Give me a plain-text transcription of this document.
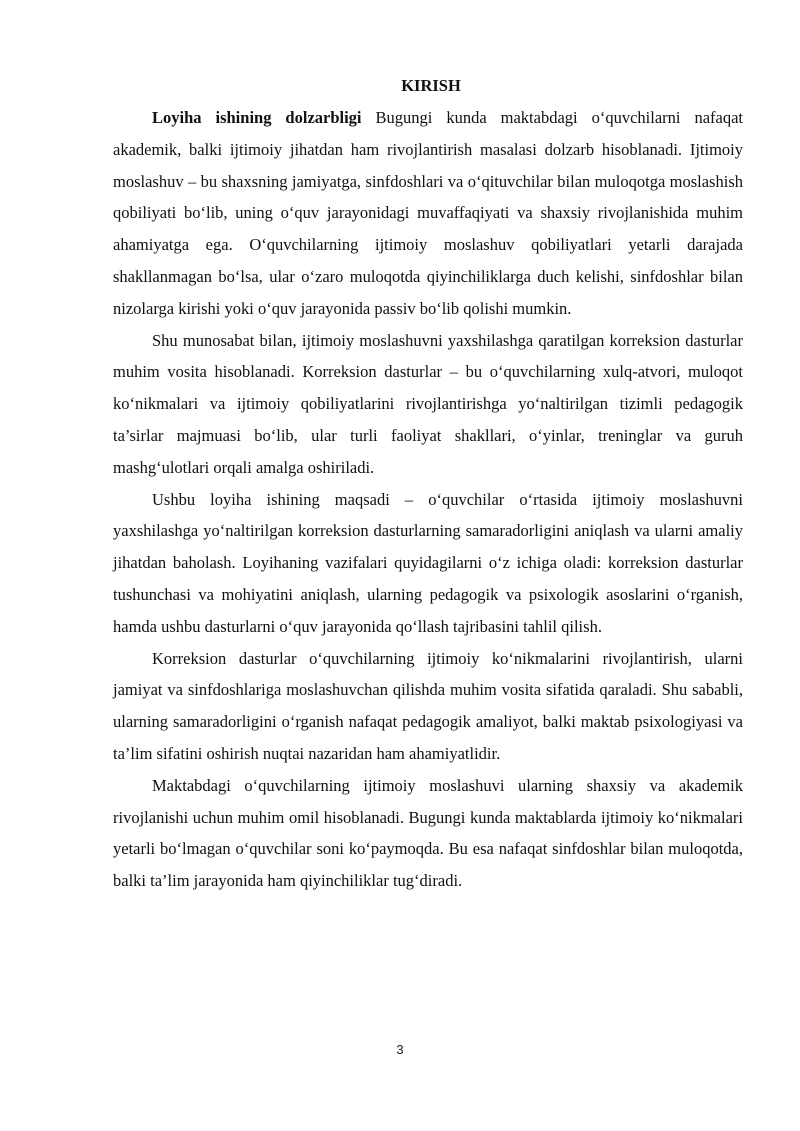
KIRISH

Loyiha ishining dolzarbligi Bugungi kunda maktabdagi o‘quvchilarni nafaqat akademik, balki ijtimoiy jihatdan ham rivojlantirish masalasi dolzarb hisoblanadi. Ijtimoiy moslashuv – bu shaxsning jamiyatga, sinfdoshlari va o‘qituvchilar bilan muloqotga moslashish qobiliyati bo‘lib, uning o‘quv jarayonidagi muvaffaqiyati va shaxsiy rivojlanishida muhim ahamiyatga ega. O‘quvchilarning ijtimoiy moslashuv qobiliyatlari yetarli darajada shakllanmagan bo‘lsa, ular o‘zaro muloqotda qiyinchiliklarga duch kelishi, sinfdoshlar bilan nizolarga kirishi yoki o‘quv jarayonida passiv bo‘lib qolishi mumkin.

Shu munosabat bilan, ijtimoiy moslashuvni yaxshilashga qaratilgan korreksion dasturlar muhim vosita hisoblanadi. Korreksion dasturlar – bu o‘quvchilarning xulq-atvori, muloqot ko‘nikmalari va ijtimoiy qobiliyatlarini rivojlantirishga yo‘naltirilgan tizimli pedagogik ta’sirlar majmuasi bo‘lib, ular turli faoliyat shakllari, o‘yinlar, treninglar va guruh mashg‘ulotlari orqali amalga oshiriladi.

Ushbu loyiha ishining maqsadi – o‘quvchilar o‘rtasida ijtimoiy moslashuvni yaxshilashga yo‘naltirilgan korreksion dasturlarning samaradorligini aniqlash va ularni amaliy jihatdan baholash. Loyihaning vazifalari quyidagilarni o‘z ichiga oladi: korreksion dasturlar tushunchasi va mohiyatini aniqlash, ularning pedagogik va psixologik asoslarini o‘rganish, hamda ushbu dasturlarni o‘quv jarayonida qo‘llash tajribasini tahlil qilish.

Korreksion dasturlar o‘quvchilarning ijtimoiy ko‘nikmalarini rivojlantirish, ularni jamiyat va sinfdoshlariga moslashuvchan qilishda muhim vosita sifatida qaraladi. Shu sababli, ularning samaradorligini o‘rganish nafaqat pedagogik amaliyot, balki maktab psixologiyasi va ta’lim sifatini oshirish nuqtai nazaridan ham ahamiyatlidir.

Maktabdagi o‘quvchilarning ijtimoiy moslashuvi ularning shaxsiy va akademik rivojlanishi uchun muhim omil hisoblanadi. Bugungi kunda maktablarda ijtimoiy ko‘nikmalari yetarli bo‘lmagan o‘quvchilar soni ko‘paymoqda. Bu esa nafaqat sinfdoshlar bilan muloqotda, balki ta’lim jarayonida ham qiyinchiliklar tug‘diradi.

3
